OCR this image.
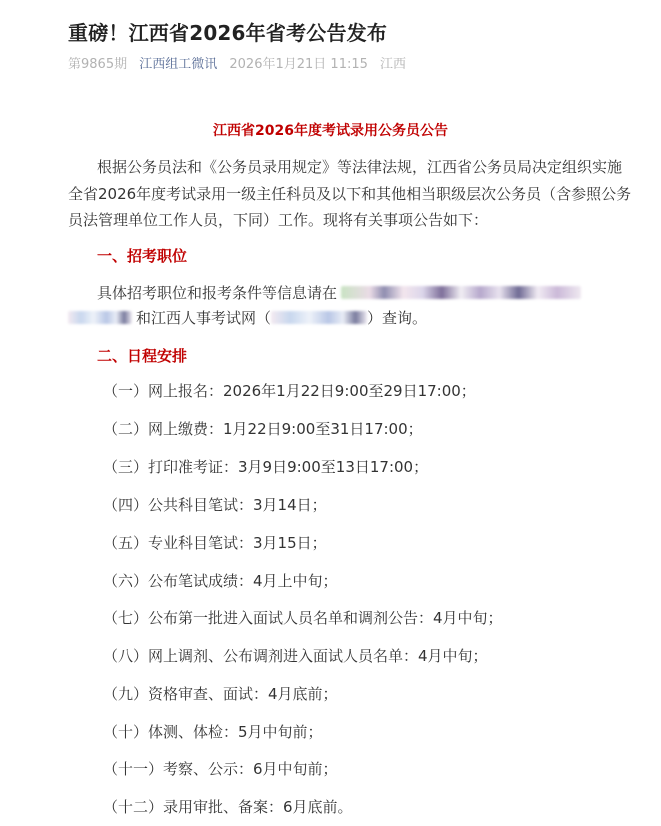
重磅！江西省2026年省考公告发布
第9865期 江西组工微讯 2026年1月21日 11:15 江西
江西省2026年度考试录用公务员公告
根据公务员法和《公务员录用规定》等法律法规，江西省公务员局决定组织实施
全省2026年度考试录用一级主任科员及以下和其他相当职级层次公务员（含参照公务
员法管理单位工作人员，下同）工作。现将有关事项公告如下：
一、招考职位
具体招考职位和报考条件等信息请在
和江西人事考试网（	）查询。
二、日程安排
（一）网上报名：2026年1月22日9:00至29日17:00；
（二）网上缴费：1月22日9:00至31日17:00；
（三）打印准考证：3月9日9:00至13日17:00；
（四）公共科目笔试：3月14日；
（五）专业科目笔试：3月15日；
（六）公布笔试成绩：4月上中旬；
（七）公布第一批进入面试人员名单和调剂公告：4月中旬；
（八）网上调剂、公布调剂进入面试人员名单：4月中旬；
（九）资格审查、面试：4月底前；
（十）体测、体检：5月中旬前；
（十一）考察、公示：6月中旬前；
（十二）录用审批、备案：6月底前。
